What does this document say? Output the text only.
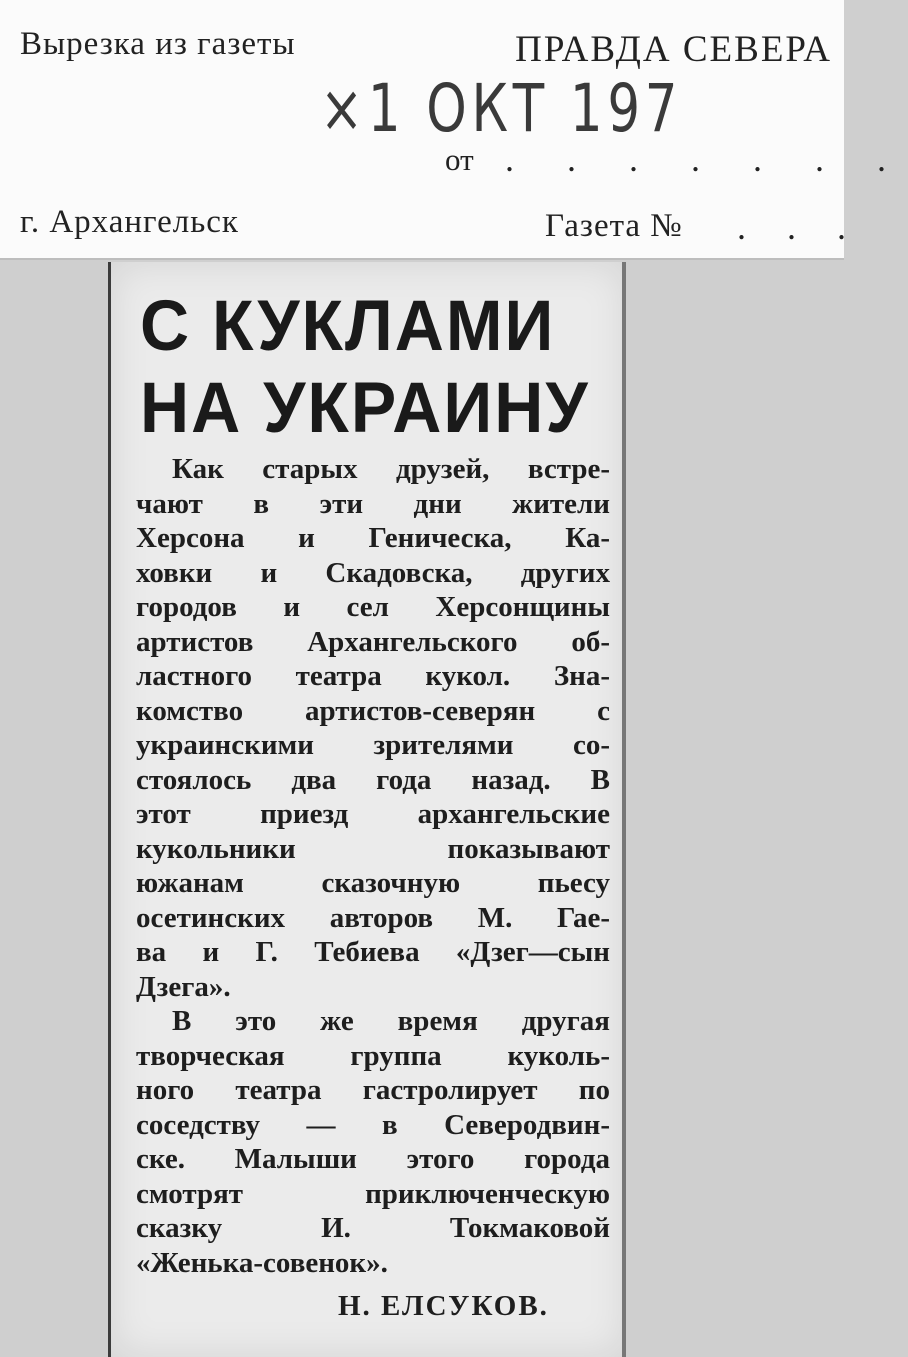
Вырезка из газеты	ПРАВДА СЕВЕРА
×1 ОКТ 197
от . . . . . . .
г. Архангельск	Газета № . . .
С КУКЛАМИ
НА УКРАИНУ
Как старых друзей, встре-
чают в эти дни жители
Херсона и Геническа, Ка-
ховки и Скадовска, других
городов и сел Херсонщины
артистов Архангельского об-
ластного театра кукол. Зна-
комство артистов-северян с
украинскими зрителями со-
стоялось два года назад. В
этот приезд архангельские
кукольники показывают
южанам сказочную пьесу
осетинских авторов М. Гае-
ва и Г. Тебиева «Дзег—сын
Дзега».
В это же время другая
творческая группа куколь-
ного театра гастролирует по
соседству — в Северодвин-
ске. Малыши этого города
смотрят приключенческую
сказку И. Токмаковой
«Женька-совенок».
Н. ЕЛСУКОВ.
